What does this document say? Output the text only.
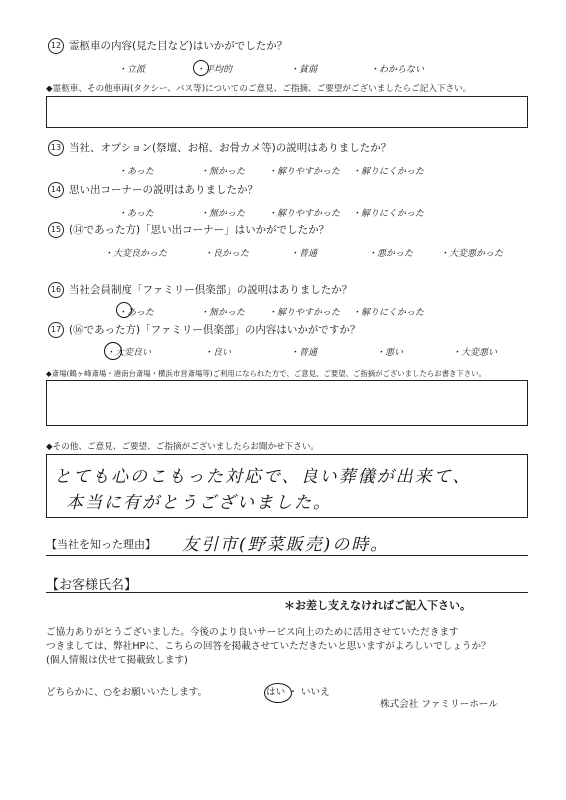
12 霊柩車の内容(見た目など)はいかがでしたか？
・立派	・平均的	・貧弱	・わからない
◆霊柩車、その他車両(タクシー、バス等)についてのご意見、ご指摘、ご要望がございましたらご記入下さい。
13 当社、オプション(祭壇、お棺、お骨カメ等)の説明はありましたか？
・あった	・無かった	・解りやすかった ・解りにくかった
14 思い出コーナーの説明はありましたか？
・あった	・無かった	・解りやすかった ・解りにくかった
15 (⑭であった方)「思い出コーナー」はいかがでしたか？
・大変良かった	・良かった	・普通	・悪かった	・大変悪かった
16 当社会員制度「ファミリー倶楽部」の説明はありましたか？
・あった	・無かった	・解りやすかった ・解りにくかった
17 (⑯であった方)「ファミリー倶楽部」の内容はいかがですか？
・大変良い	・良い	・普通	・悪い	・大変悪い
◆斎場(鶴ヶ峰斎場・港南台斎場・横浜市営斎場等)ご利用になられた方で、ご意見、ご要望、ご指摘がございましたらお書き下さい。
◆その他、ご意見、ご要望、ご指摘がございましたらお聞かせ下さい。
とても心のこもった対応で、良い葬儀が出来て、
本当に有がとうございました。
【当社を知った理由】 友引市(野菜販売)の時。
【お客様氏名】
＊お差し支えなければご記入下さい。
ご協力ありがとうございました。今後のより良いサービス向上のために活用させていただきます
つきましては、弊社HPに、こちらの回答を掲載させていただきたいと思いますがよろしいでしょうか？
(個人情報は伏せて掲載致します)
どちらかに、○をお願いいたします。	はい ・ いいえ
株式会社 ファミリーホール
